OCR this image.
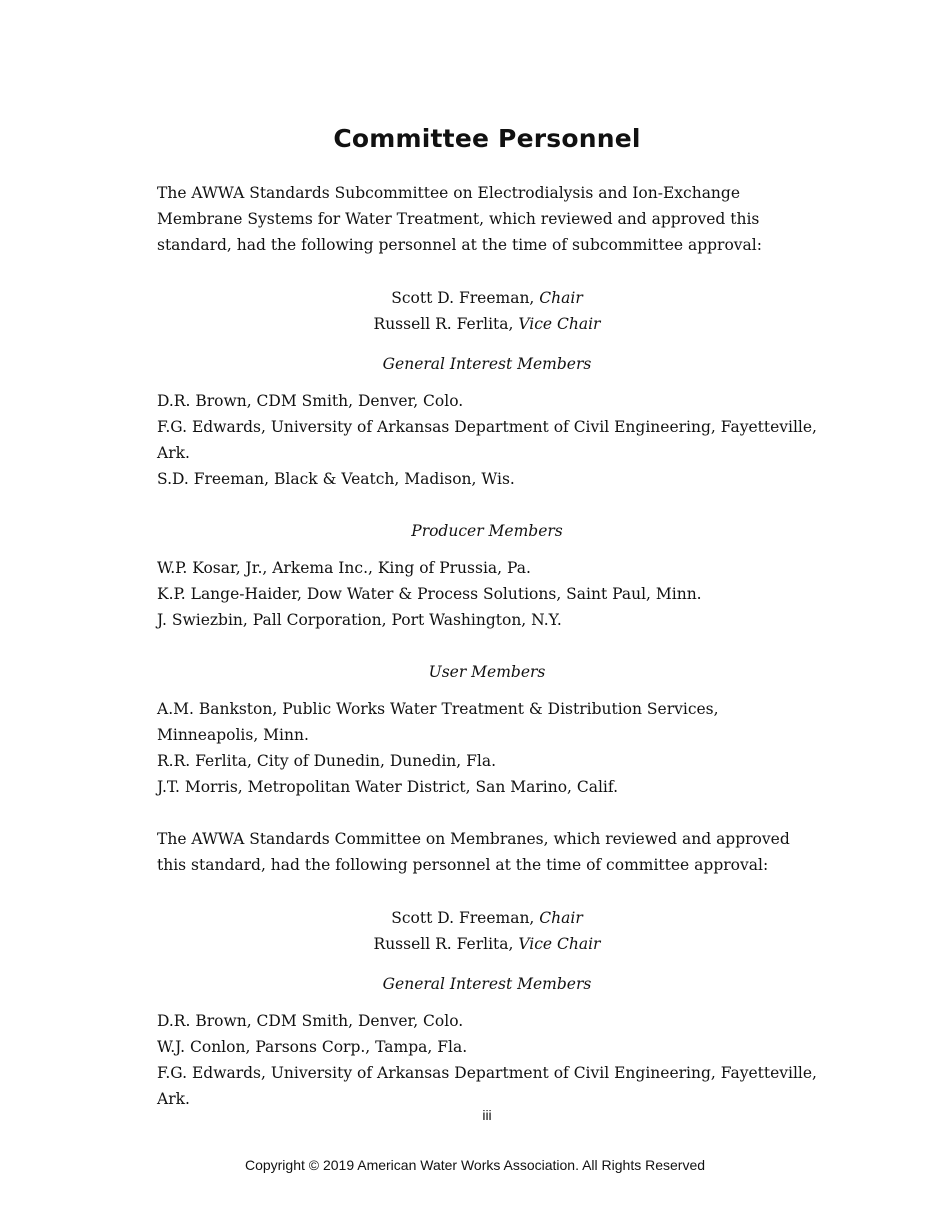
Committee Personnel

The AWWA Standards Subcommittee on Electrodialysis and Ion-Exchange Membrane Systems for Water Treatment, which reviewed and approved this standard, had the following personnel at the time of subcommittee approval:

Scott D. Freeman, Chair

Russell R. Ferlita, Vice Chair

General Interest Members

D.R. Brown, CDM Smith, Denver, Colo.
F.G. Edwards, University of Arkansas Department of Civil Engineering, Fayetteville, Ark.
S.D. Freeman, Black & Veatch, Madison, Wis.

Producer Members

W.P. Kosar, Jr., Arkema Inc., King of Prussia, Pa.
K.P. Lange-Haider, Dow Water & Process Solutions, Saint Paul, Minn.
J. Swiezbin, Pall Corporation, Port Washington, N.Y.

User Members

A.M. Bankston, Public Works Water Treatment & Distribution Services, Minneapolis, Minn.
R.R. Ferlita, City of Dunedin, Dunedin, Fla.
J.T. Morris, Metropolitan Water District, San Marino, Calif.

The AWWA Standards Committee on Membranes, which reviewed and approved this standard, had the following personnel at the time of committee approval:

Scott D. Freeman, Chair

Russell R. Ferlita, Vice Chair

General Interest Members

D.R. Brown, CDM Smith, Denver, Colo.
W.J. Conlon, Parsons Corp., Tampa, Fla.
F.G. Edwards, University of Arkansas Department of Civil Engineering, Fayetteville, Ark.
iii
Copyright © 2019 American Water Works Association. All Rights Reserved
